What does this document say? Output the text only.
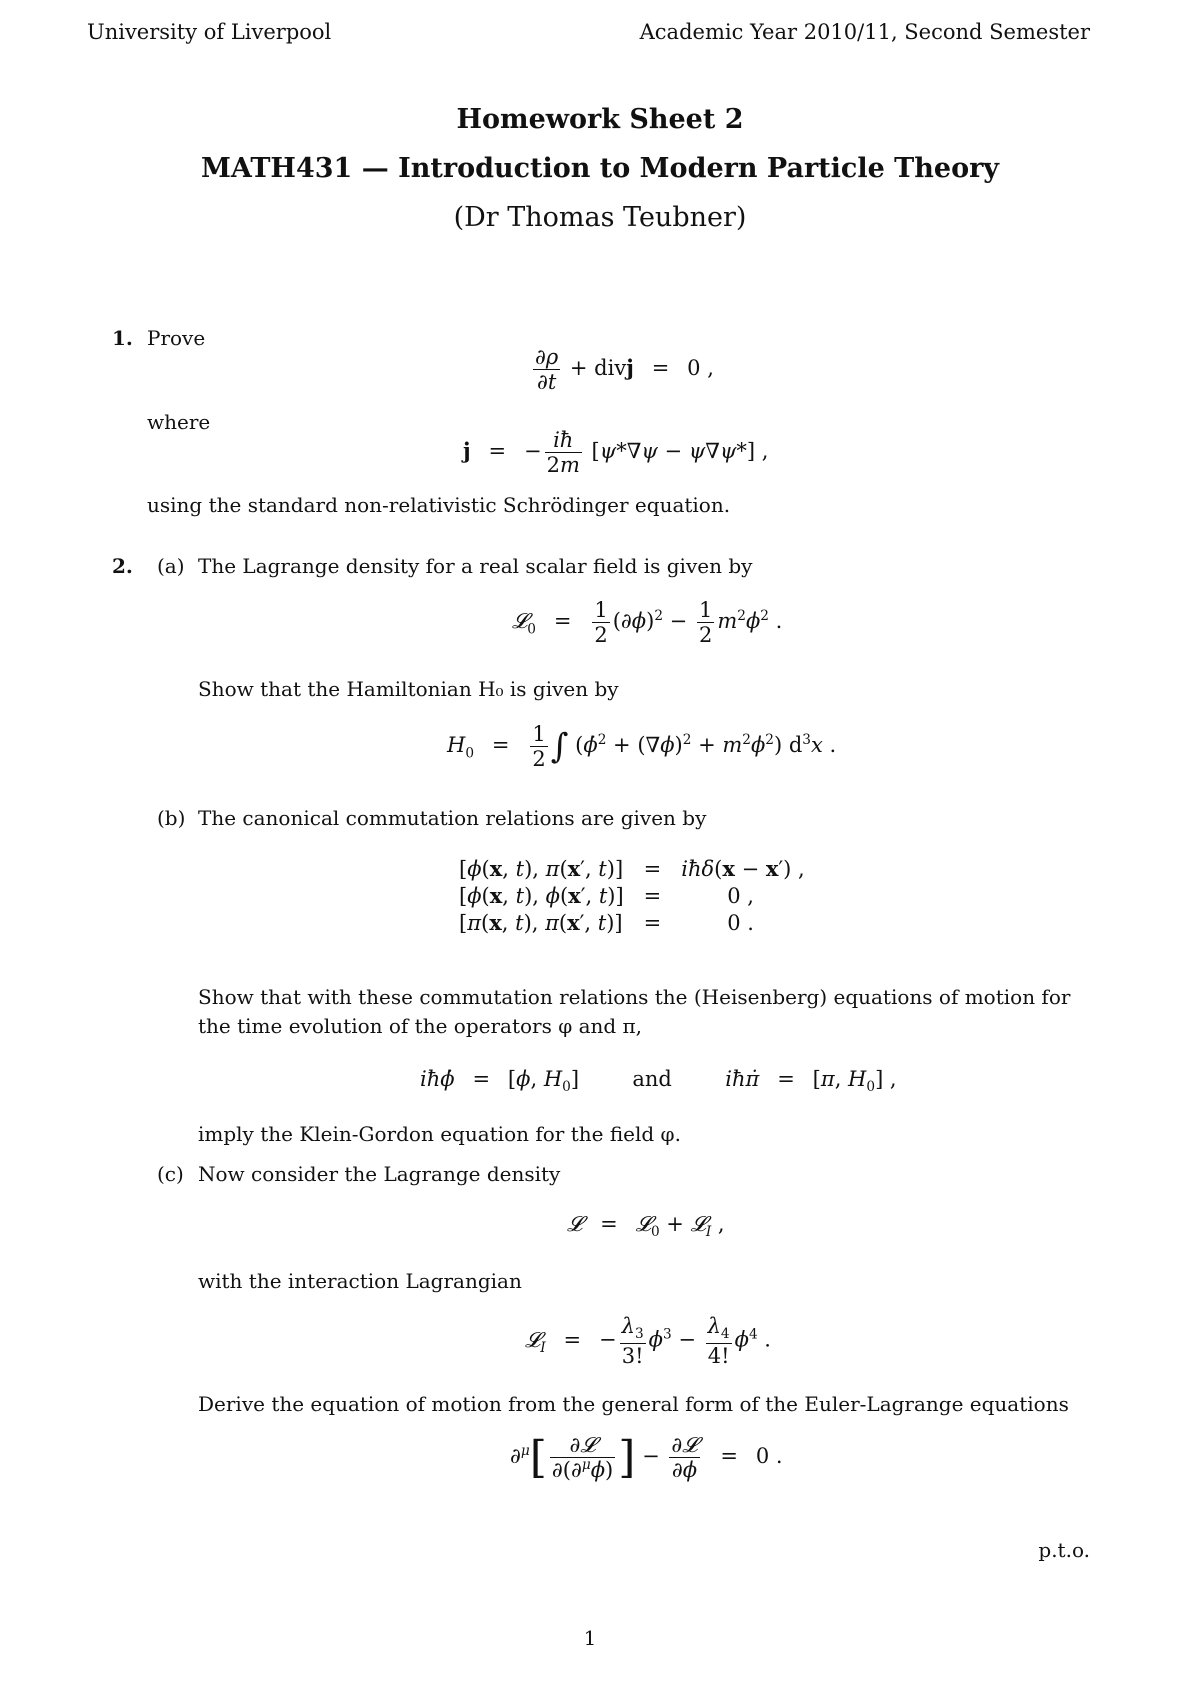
University of Liverpool	Academic Year 2010/11, Second Semester
Homework Sheet 2
MATH431 — Introduction to Modern Particle Theory
(Dr Thomas Teubner)
1. Prove
$\frac{\partial\rho}{\partial t}$ + divj = 0 ,
where
j = − $\frac{iħ}{2m} [\psi*\nabla\psi - \psi\nabla\psi*]$ ,
using the standard non-relativistic Schrödinger equation.
2. (a) The Lagrange density for a real scalar field is given by
𝓛$_0$ = $\frac{1}{2} (\partial\phi)^2 - \frac{1}{2} m^2\phi^2$ .
Show that the Hamiltonian H₀ is given by
$H_0 = \frac{1}{2}$ ∫ (ϕ̇$^2$ + $(\nabla\phi)^2 + m^2\phi^2$) $d^3x$ .
(b) The canonical commutation relations are given by
[ϕ(x, t), π(x′, t)]	=	iħδ(x − x′) ,
[ϕ(x, t), ϕ(x′, t)]	=	0 ,
[π(x, t), π(x′, t)]	=	0 .
Show that with these commutation relations the (Heisenberg) equations of motion for
the time evolution of the operators φ and π,
iħϕ̇ = [ϕ, $H_0$]  and	iħπ̇ = [π, $H_0$] ,
imply the Klein-Gordon equation for the field φ.
(c) Now consider the Lagrange density
𝓛 = 𝓛$_0$ + 𝓛$_I$ ,
with the interaction Lagrangian
𝓛$_I$ = − $\frac{\lambda_3}{3!} \phi^3 - \frac{\lambda_4}{4!} \phi^4$ .
Derive the equation of motion from the general form of the Euler-Lagrange equations
$\partial^\mu[ \frac{\text{∂𝓛}}{\partial(\partial^\mu\phi)}$ ] − $\frac{\text{∂𝓛}}{\partial\phi} = 0$ .
p.t.o.
1
